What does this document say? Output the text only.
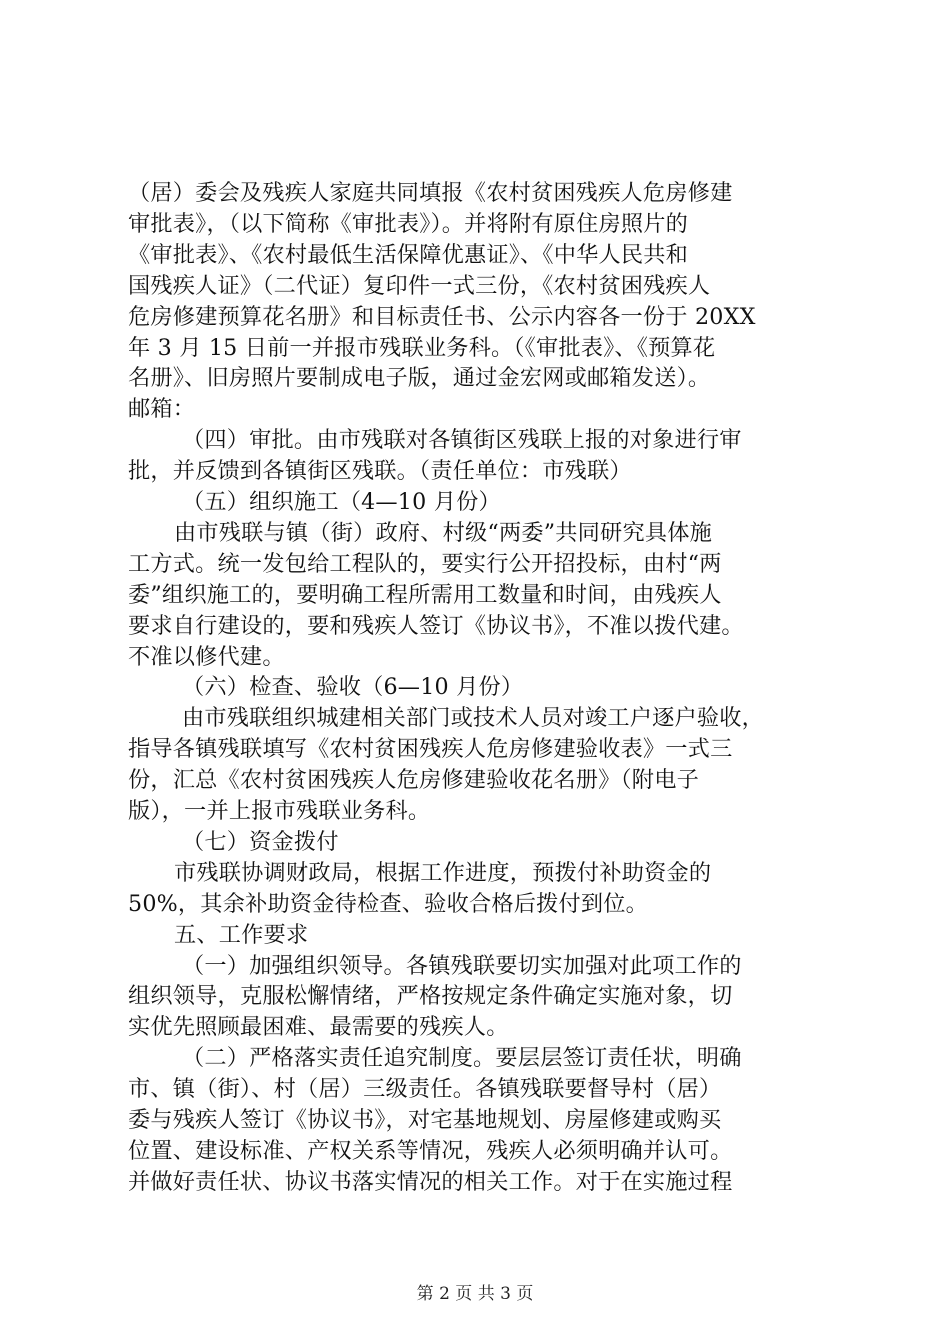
（居）委会及残疾人家庭共同填报《农村贫困残疾人危房修建
审批表》，（以下简称《审批表》）。并将附有原住房照片的
《审批表》、《农村最低生活保障优惠证》、《中华人民共和
国残疾人证》（二代证）复印件一式三份，《农村贫困残疾人
危房修建预算花名册》和目标责任书、公示内容各一份于 20XX
年 3 月 15 日前一并报市残联业务科。（《审批表》、《预算花
名册》、旧房照片要制成电子版，通过金宏网或邮箱发送）。
邮箱：
（四）审批。由市残联对各镇街区残联上报的对象进行审
批，并反馈到各镇街区残联。（责任单位：市残联）
（五）组织施工（4—10 月份）
由市残联与镇（街）政府、村级“两委”共同研究具体施
工方式。统一发包给工程队的，要实行公开招投标，由村“两
委”组织施工的，要明确工程所需用工数量和时间，由残疾人
要求自行建设的，要和残疾人签订《协议书》，不准以拨代建。
不准以修代建。
（六）检查、验收（6—10 月份）
由市残联组织城建相关部门或技术人员对竣工户逐户验收，
指导各镇残联填写《农村贫困残疾人危房修建验收表》一式三
份，汇总《农村贫困残疾人危房修建验收花名册》（附电子
版），一并上报市残联业务科。
（七）资金拨付
市残联协调财政局，根据工作进度，预拨付补助资金的
50%，其余补助资金待检查、验收合格后拨付到位。
五、工作要求
（一）加强组织领导。各镇残联要切实加强对此项工作的
组织领导，克服松懈情绪，严格按规定条件确定实施对象，切
实优先照顾最困难、最需要的残疾人。
（二）严格落实责任追究制度。要层层签订责任状，明确
市、镇（街）、村（居）三级责任。各镇残联要督导村（居）
委与残疾人签订《协议书》，对宅基地规划、房屋修建或购买
位置、建设标准、产权关系等情况，残疾人必须明确并认可。
并做好责任状、协议书落实情况的相关工作。对于在实施过程
第 2 页 共 3 页
